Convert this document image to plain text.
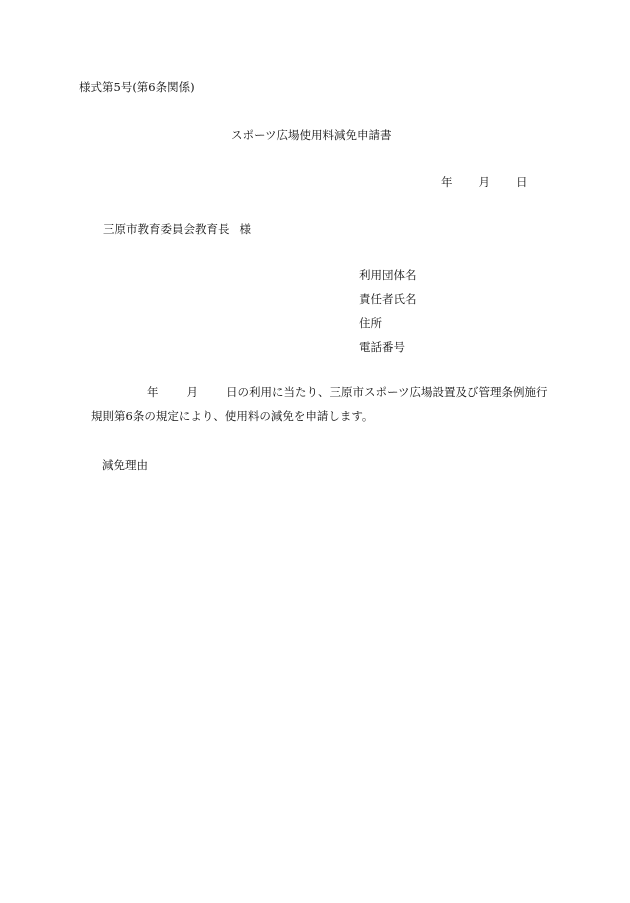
様式第5号(第6条関係)
スポーツ広場使用料減免申請書
年 月 日
三原市教育委員会教育長 様
利用団体名
責任者氏名
住所
電話番号
年 月 日の利用に当たり、三原市スポーツ広場設置及び管理条例施行
規則第6条の規定により、使用料の減免を申請します。
減免理由
